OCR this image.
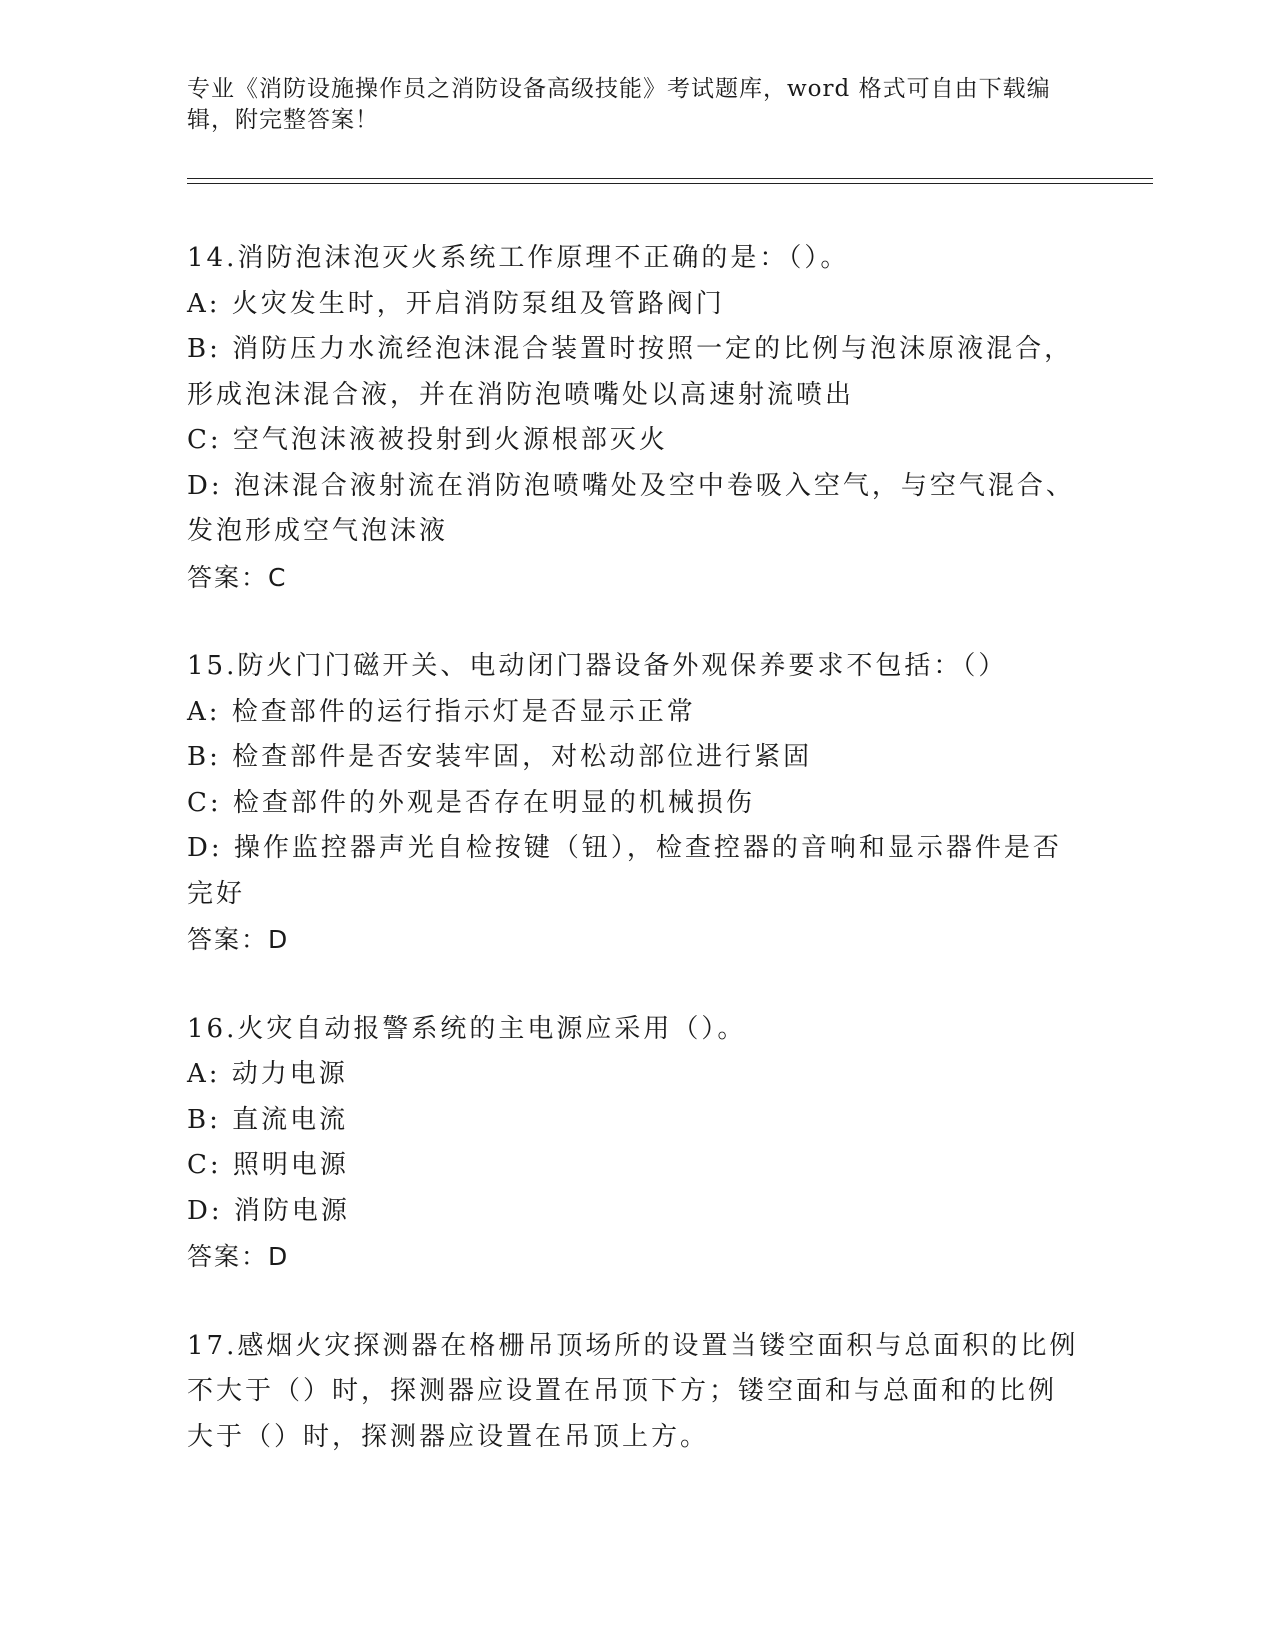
专业《消防设施操作员之消防设备高级技能》考试题库，word 格式可自由下载编辑，附完整答案！
14.消防泡沫泡灭火系统工作原理不正确的是：（）。
A: 火灾发生时，开启消防泵组及管路阀门
B: 消防压力水流经泡沫混合装置时按照一定的比例与泡沫原液混合，
形成泡沫混合液，并在消防泡喷嘴处以高速射流喷出
C: 空气泡沫液被投射到火源根部灭火
D: 泡沫混合液射流在消防泡喷嘴处及空中卷吸入空气，与空气混合、
发泡形成空气泡沫液
答案：C
15.防火门门磁开关、电动闭门器设备外观保养要求不包括：（）
A: 检查部件的运行指示灯是否显示正常
B: 检查部件是否安装牢固，对松动部位进行紧固
C: 检查部件的外观是否存在明显的机械损伤
D: 操作监控器声光自检按键（钮），检查控器的音响和显示器件是否
完好
答案：D
16.火灾自动报警系统的主电源应采用（）。
A: 动力电源
B: 直流电流
C: 照明电源
D: 消防电源
答案：D
17.感烟火灾探测器在格栅吊顶场所的设置当镂空面积与总面积的比例
不大于（）时，探测器应设置在吊顶下方；镂空面和与总面和的比例
大于（）时，探测器应设置在吊顶上方。
